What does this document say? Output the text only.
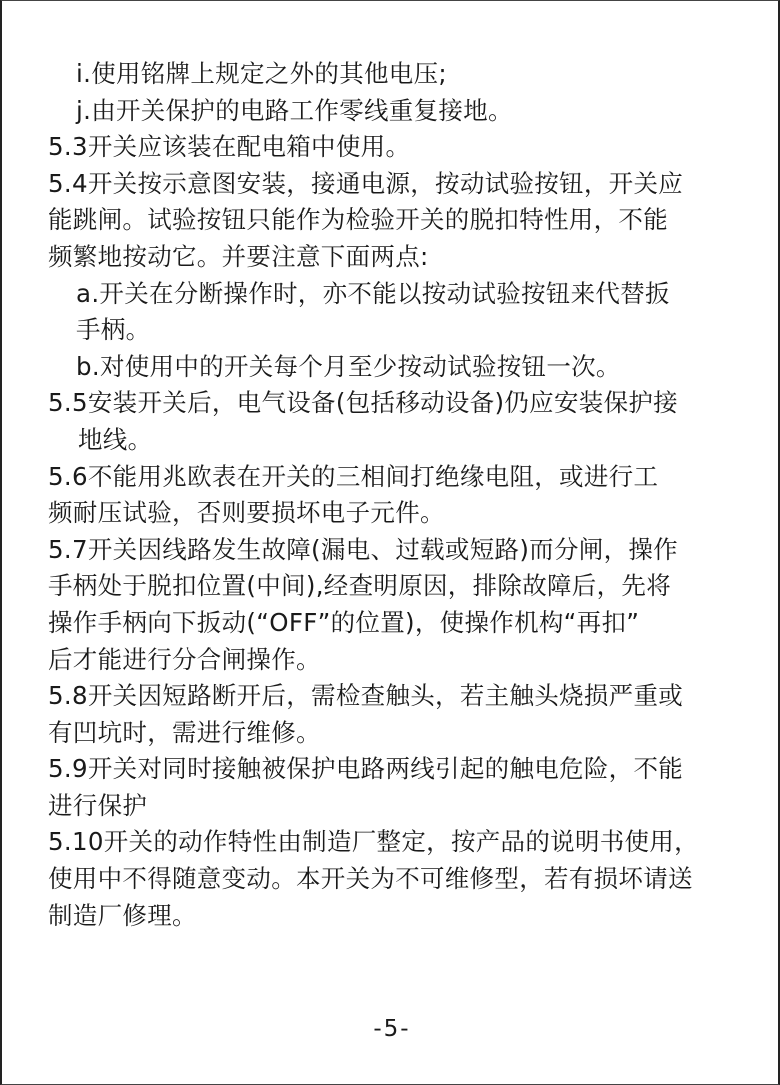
i.使用铭牌上规定之外的其他电压;
j.由开关保护的电路工作零线重复接地。
5.3开关应该装在配电箱中使用。
5.4开关按示意图安装，接通电源，按动试验按钮，开关应
能跳闸。试验按钮只能作为检验开关的脱扣特性用，不能
频繁地按动它。并要注意下面两点:
a.开关在分断操作时，亦不能以按动试验按钮来代替扳
手柄。
b.对使用中的开关每个月至少按动试验按钮一次。
5.5安装开关后，电气设备(包括移动设备)仍应安装保护接
地线。
5.6不能用兆欧表在开关的三相间打绝缘电阻，或进行工
频耐压试验，否则要损坏电子元件。
5.7开关因线路发生故障(漏电、过载或短路)而分闸，操作
手柄处于脱扣位置(中间),经查明原因，排除故障后，先将
操作手柄向下扳动(“OFF”的位置)，使操作机构“再扣”
后才能进行分合闸操作。
5.8开关因短路断开后，需检查触头，若主触头烧损严重或
有凹坑时，需进行维修。
5.9开关对同时接触被保护电路两线引起的触电危险，不能
进行保护
5.10开关的动作特性由制造厂整定，按产品的说明书使用，
使用中不得随意变动。本开关为不可维修型，若有损坏请送
制造厂修理。
-5-
